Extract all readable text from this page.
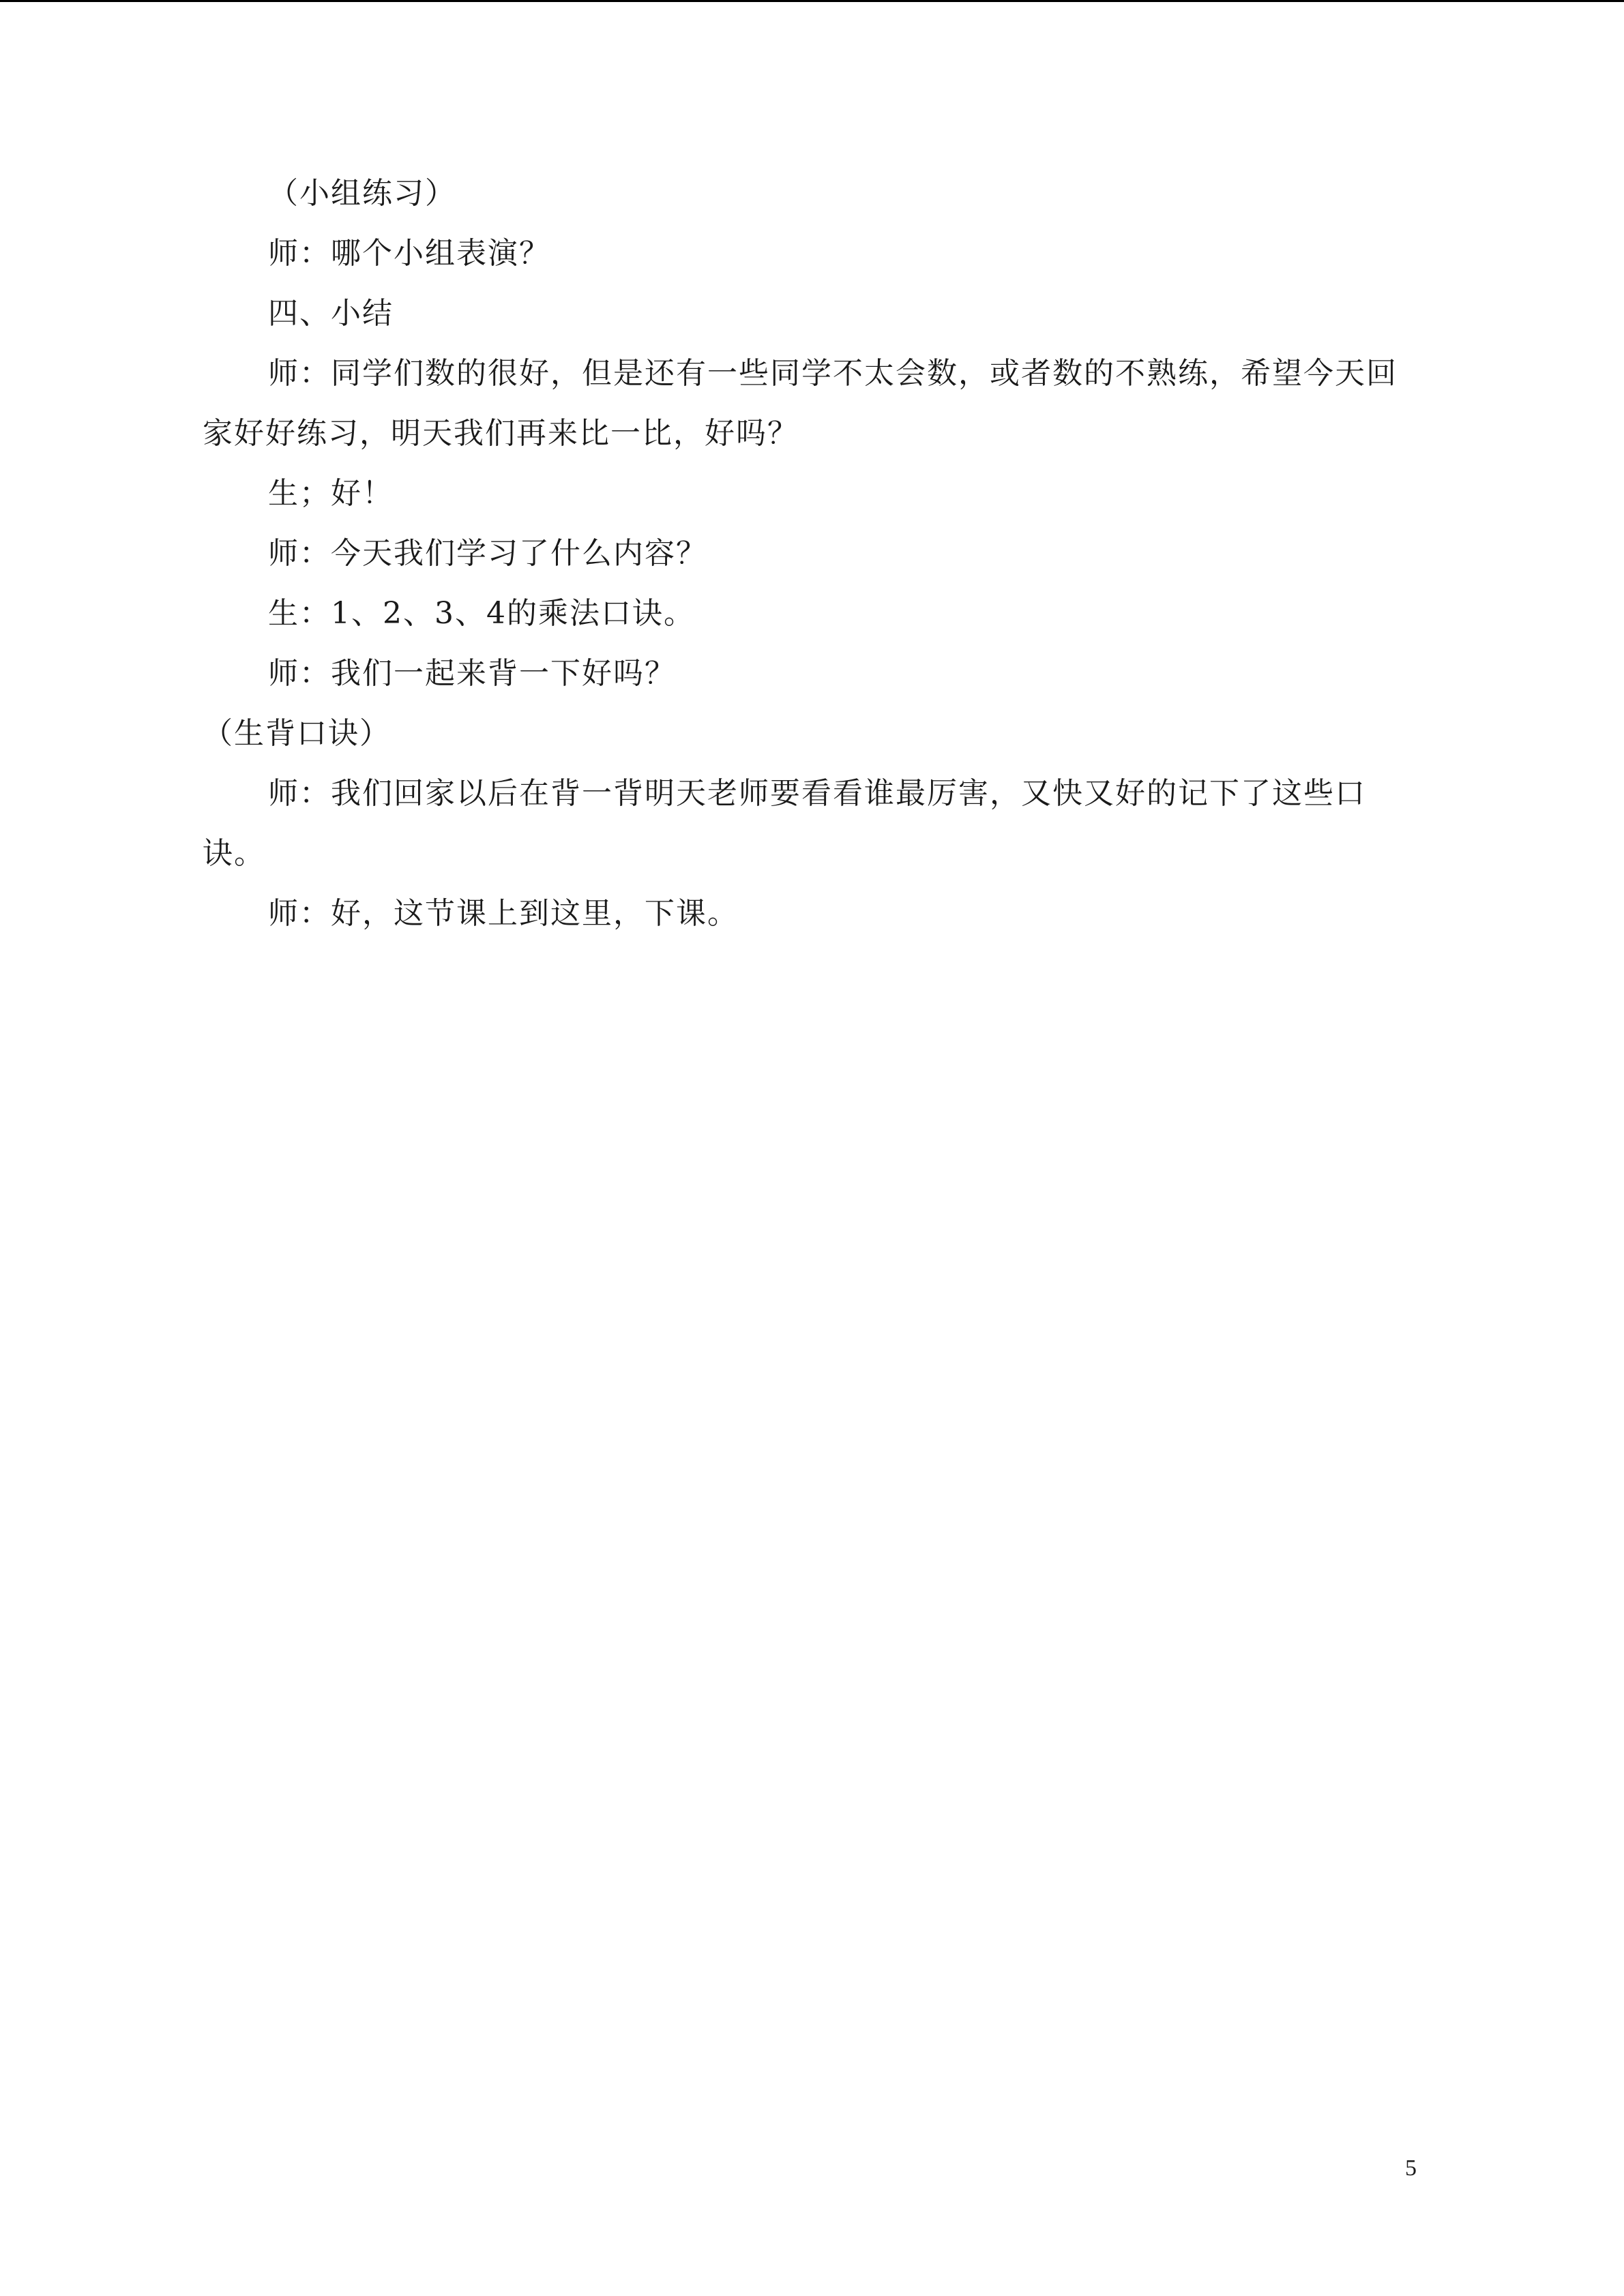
（小组练习）

师：哪个小组表演？

四、小结

师：同学们数的很好，但是还有一些同学不太会数，或者数的不熟练，希望今天回家好好练习，明天我们再来比一比，好吗？

生；好！

师：今天我们学习了什么内容？

生：1、2、3、4的乘法口诀。

师：我们一起来背一下好吗？

（生背口诀）

师：我们回家以后在背一背明天老师要看看谁最厉害，又快又好的记下了这些口诀。

师：好，这节课上到这里，下课。

5
